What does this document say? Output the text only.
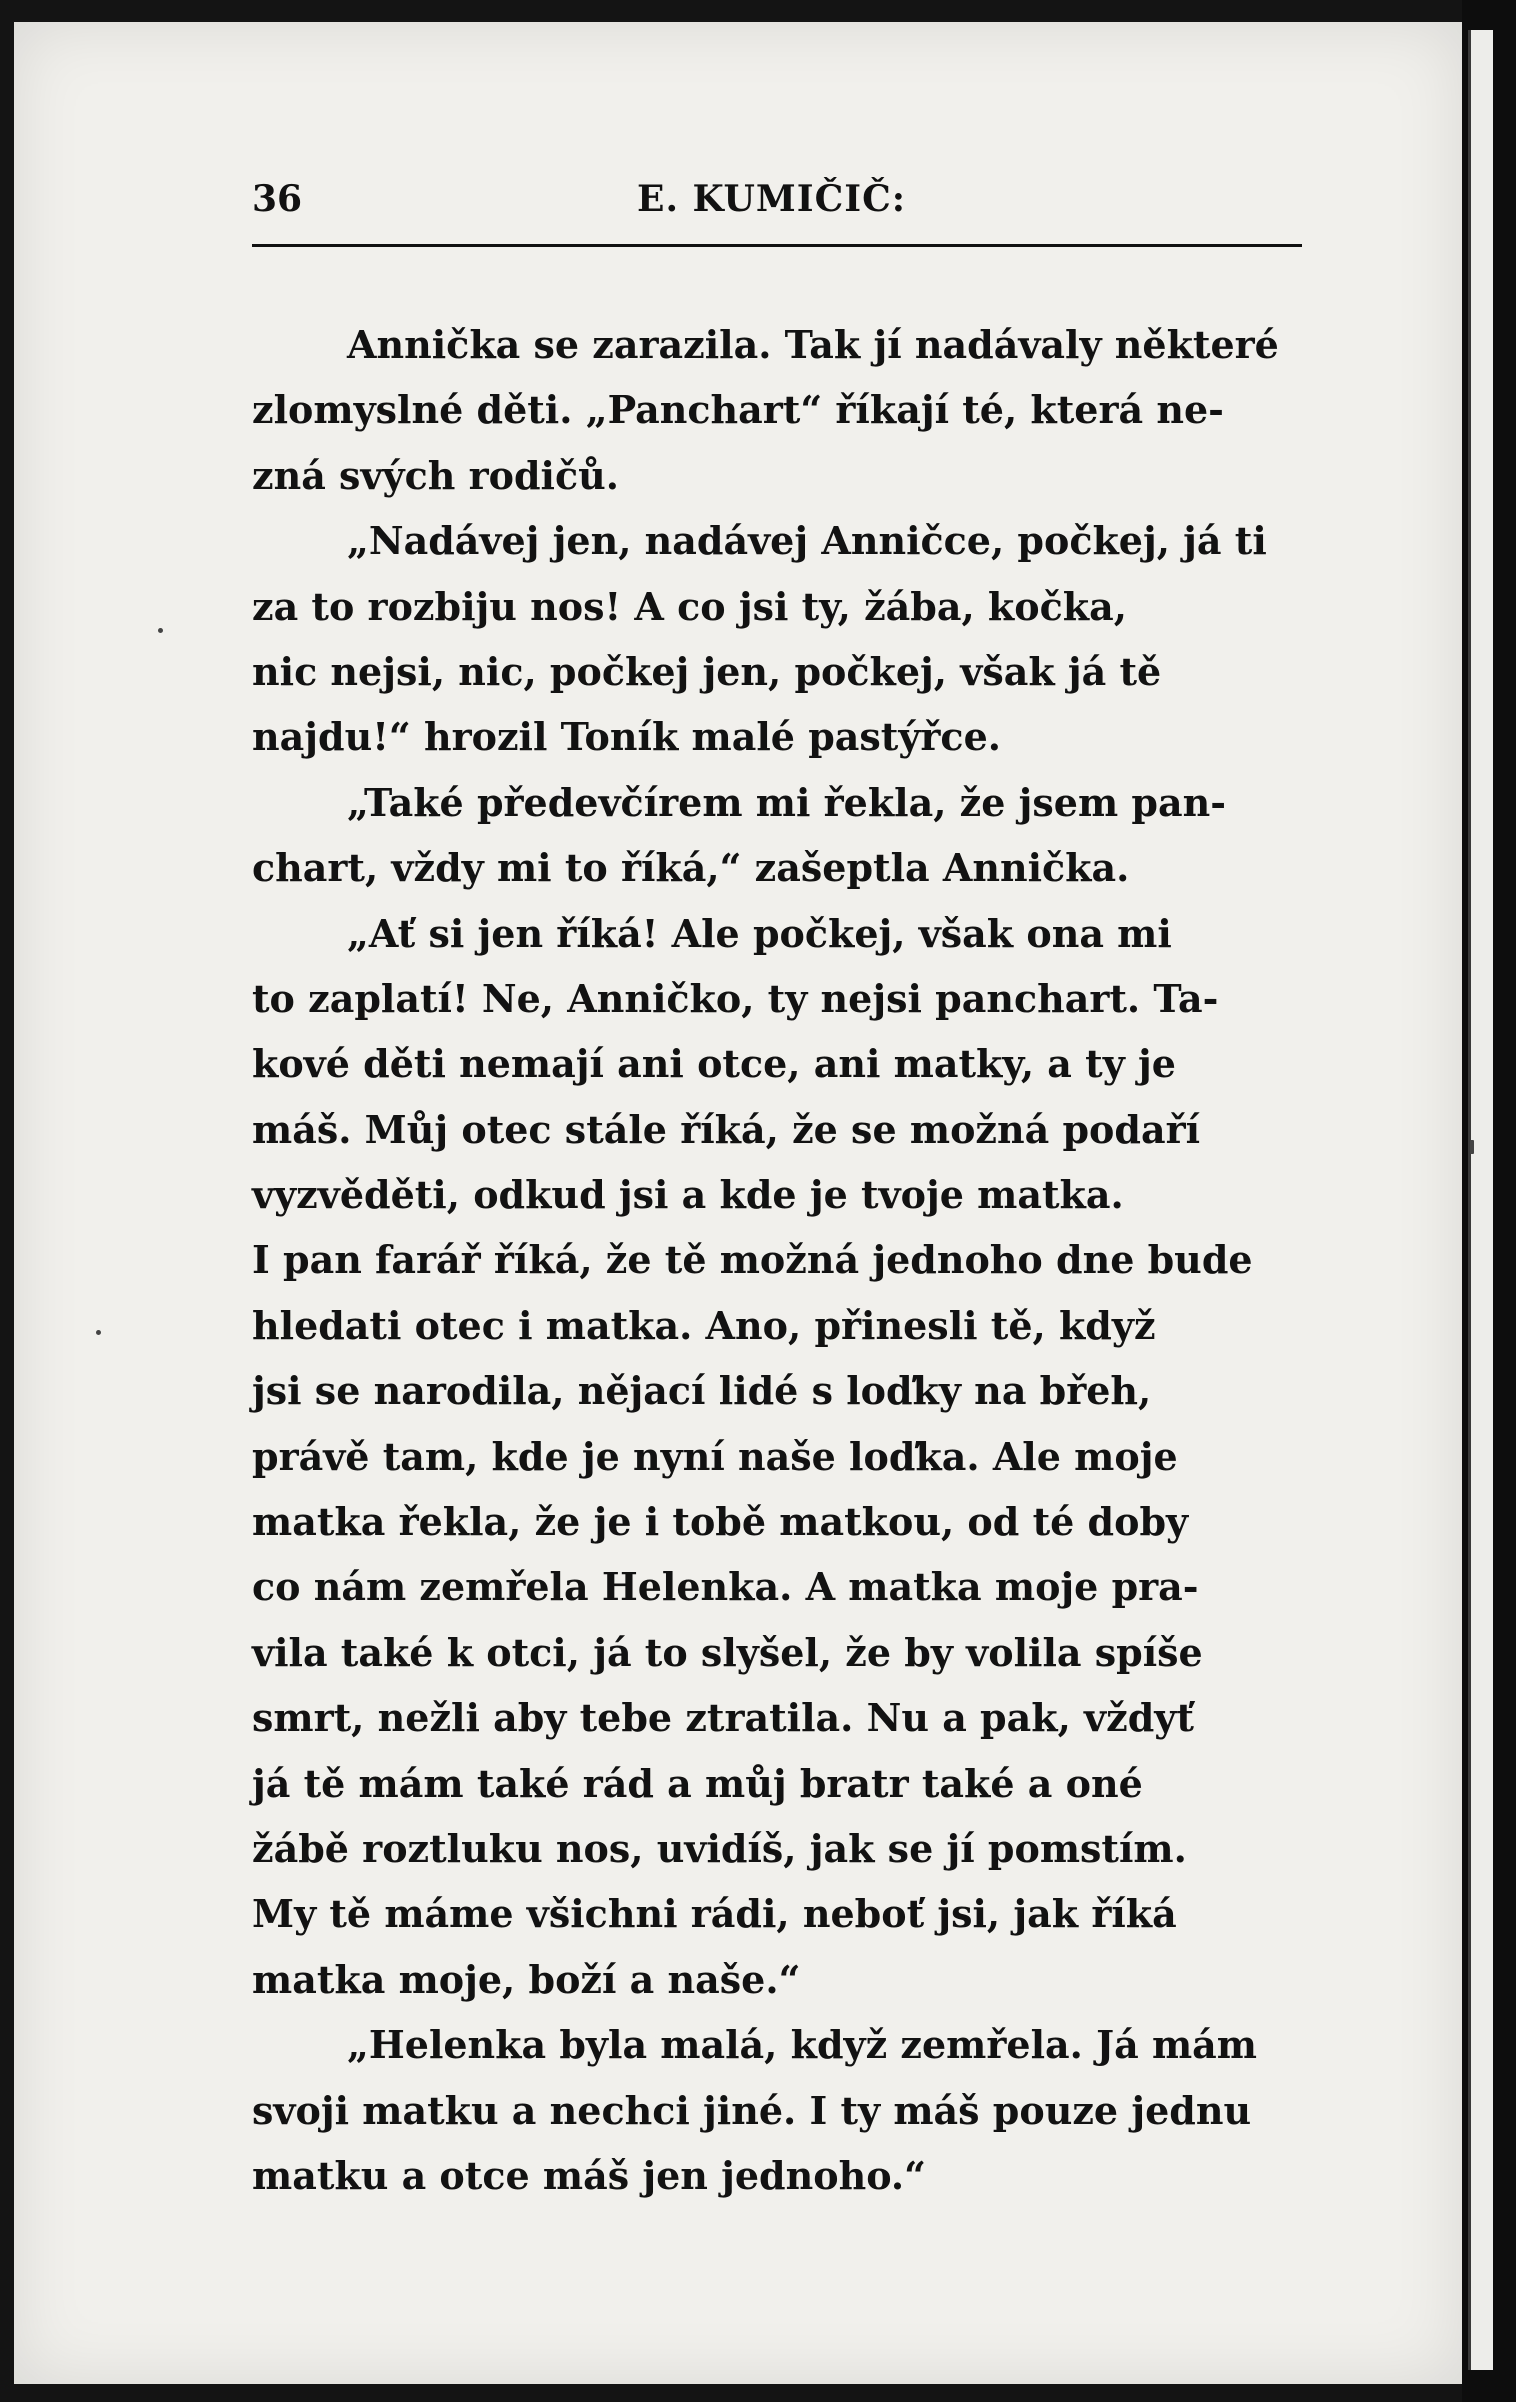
36	E. KUMIČIČ:
Annička se zarazila. Tak jí nadávaly některé
zlomyslné děti. „Panchart“ říkají té, která ne-
zná svých rodičů.
„Nadávej jen, nadávej Anničce, počkej, já ti
za to rozbiju nos! A co jsi ty, žába, kočka,
nic nejsi, nic, počkej jen, počkej, však já tě
najdu!“ hrozil Toník malé pastýřce.
„Také předevčírem mi řekla, že jsem pan-
chart, vždy mi to říká,“ zašeptla Annička.
„Ať si jen říká! Ale počkej, však ona mi
to zaplatí! Ne, Anničko, ty nejsi panchart. Ta-
kové děti nemají ani otce, ani matky, a ty je
máš. Můj otec stále říká, že se možná podaří
vyzvěděti, odkud jsi a kde je tvoje matka.
I pan farář říká, že tě možná jednoho dne bude
hledati otec i matka. Ano, přinesli tě, když
jsi se narodila, nějací lidé s loďky na břeh,
právě tam, kde je nyní naše loďka. Ale moje
matka řekla, že je i tobě matkou, od té doby
co nám zemřela Helenka. A matka moje pra-
vila také k otci, já to slyšel, že by volila spíše
smrt, nežli aby tebe ztratila. Nu a pak, vždyť
já tě mám také rád a můj bratr také a oné
žábě roztluku nos, uvidíš, jak se jí pomstím.
My tě máme všichni rádi, neboť jsi, jak říká
matka moje, boží a naše.“
„Helenka byla malá, když zemřela. Já mám
svoji matku a nechci jiné. I ty máš pouze jednu
matku a otce máš jen jednoho.“
